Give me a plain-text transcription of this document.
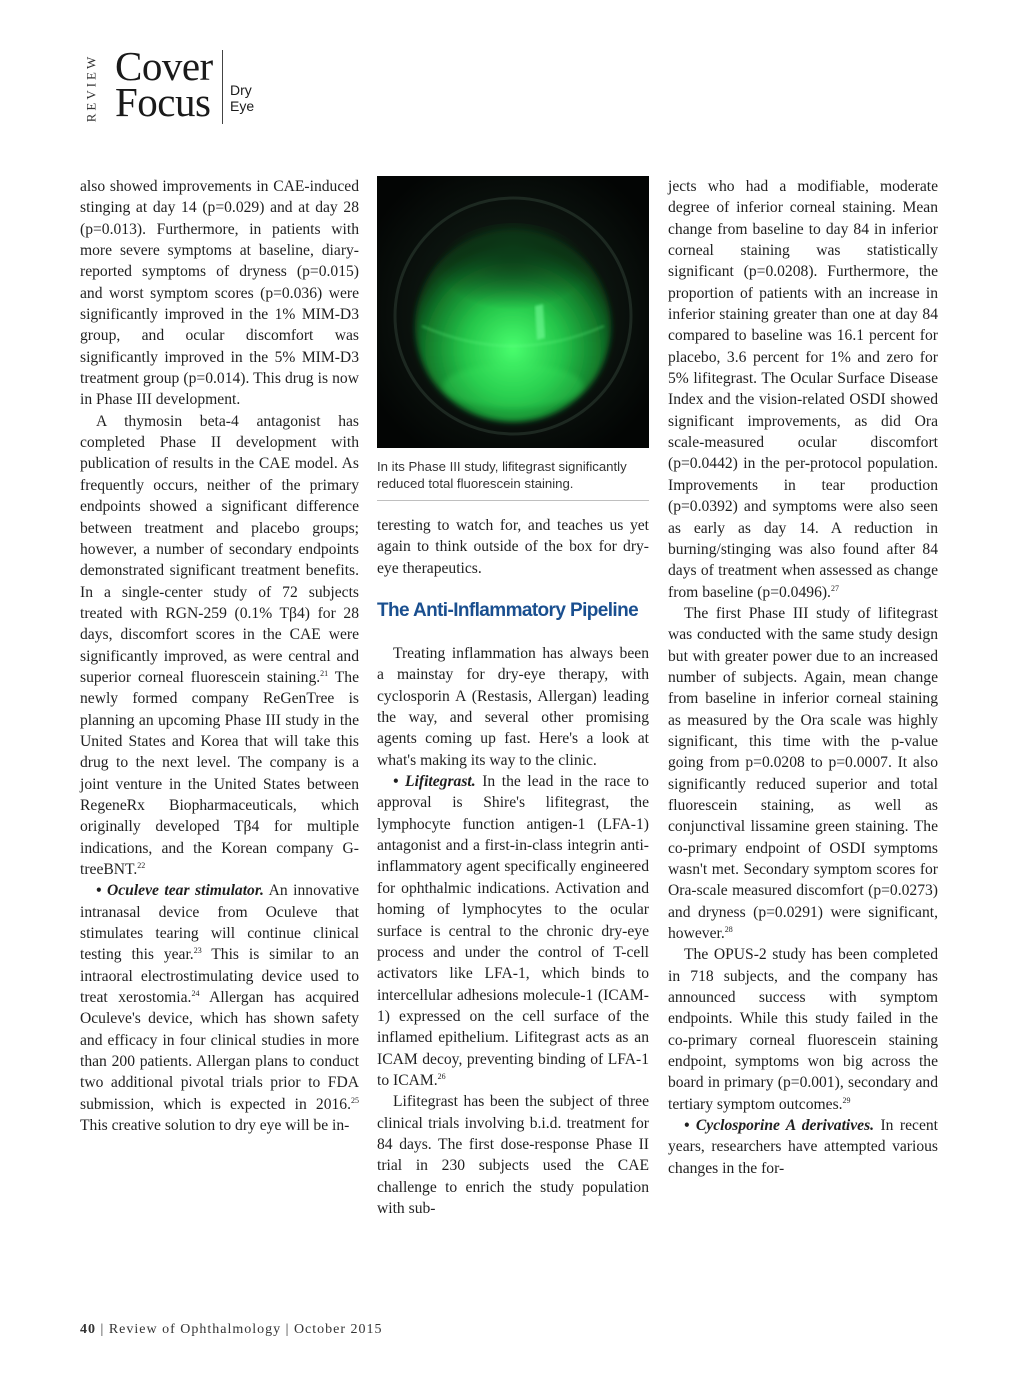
REVIEW Cover
Focus Dry Eye

also showed improvements in CAE-induced stinging at day 14 (p=0.029) and at day 28 (p=0.013). Furthermore, in patients with more severe symptoms at baseline, diary-reported symptoms of dryness (p=0.015) and worst symptom scores (p=0.036) were significantly improved in the 1% MIM-D3 group, and ocular discomfort was significantly improved in the 5% MIM-D3 treatment group (p=0.014). This drug is now in Phase III development.

A thymosin beta-4 antagonist has completed Phase II development with publication of results in the CAE model. As frequently occurs, neither of the primary endpoints showed a significant difference between treatment and placebo groups; however, a number of secondary endpoints demonstrated significant treatment benefits. In a single-center study of 72 subjects treated with RGN-259 (0.1% Tβ4) for 28 days, discomfort scores in the CAE were significantly improved, as were central and superior corneal fluorescein staining.$^{21}$ The newly formed company ReGenTree is planning an upcoming Phase III study in the United States and Korea that will take this drug to the next level. The company is a joint venture in the United States between RegeneRx Biopharmaceuticals, which originally developed Tβ4 for multiple indications, and the Korean company G-treeBNT.$^{22}$

• Oculeve tear stimulator. An innovative intranasal device from Oculeve that stimulates tearing will continue clinical testing this year.$^{23}$ This is similar to an intraoral electrostimulating device used to treat xerostomia.$^{24}$ Allergan has acquired Oculeve's device, which has shown safety and efficacy in four clinical studies in more than 200 patients. Allergan plans to conduct two additional pivotal trials prior to FDA submission, which is expected in 2016.25 This creative solution to dry eye will be in-

In its Phase III study, lifitegrast significantly reduced total fluorescein staining.

teresting to watch for, and teaches us yet again to think outside of the box for dry-eye therapeutics.

The Anti-Inflammatory Pipeline

Treating inflammation has always been a mainstay for dry-eye therapy, with cyclosporin A (Restasis, Allergan) leading the way, and several other promising agents coming up fast. Here's a look at what's making its way to the clinic.

• Lifitegrast. In the lead in the race to approval is Shire's lifitegrast, the lymphocyte function antigen-1 (LFA-1) antagonist and a first-in-class integrin anti-inflammatory agent specifically engineered for ophthalmic indications. Activation and homing of lymphocytes to the ocular surface is central to the chronic dry-eye process and under the control of T-cell activators like LFA-1, which binds to intercellular adhesions molecule-1 (ICAM-1) expressed on the cell surface of the inflamed epithelium. Lifitegrast acts as an ICAM decoy, preventing binding of LFA-1 to ICAM.$^{26}$

Lifitegrast has been the subject of three clinical trials involving b.i.d. treatment for 84 days. The first dose-response Phase II trial in 230 subjects used the CAE challenge to enrich the study population with sub-

jects who had a modifiable, moderate degree of inferior corneal staining. Mean change from baseline to day 84 in inferior corneal staining was statistically significant (p=0.0208). Furthermore, the proportion of patients with an increase in inferior staining greater than one at day 84 compared to baseline was 16.1 percent for placebo, 3.6 percent for 1% and zero for 5% lifitegrast. The Ocular Surface Disease Index and the vision-related OSDI showed significant improvements, as did Ora scale-measured ocular discomfort (p=0.0442) in the per-protocol population. Improvements in tear production (p=0.0392) and symptoms were also seen as early as day 14. A reduction in burning/stinging was also found after 84 days of treatment when assessed as change from baseline (p=0.0496).$^{27}$

The first Phase III study of lifitegrast was conducted with the same study design but with greater power due to an increased number of subjects. Again, mean change from baseline in inferior corneal staining as measured by the Ora scale was highly significant, this time with the p-value going from p=0.0208 to p=0.0007. It also significantly reduced superior and total fluorescein staining, as well as conjunctival lissamine green staining. The co-primary endpoint of OSDI symptoms wasn't met. Secondary symptom scores for Ora-scale measured discomfort (p=0.0273) and dryness (p=0.0291) were significant, however.$^{28}$

The OPUS-2 study has been completed in 718 subjects, and the company has announced success with symptom endpoints. While this study failed in the co-primary corneal fluorescein staining endpoint, symptoms won big across the board in primary (p=0.001), secondary and tertiary symptom outcomes.$^{29}$

• Cyclosporine A derivatives. In recent years, researchers have attempted various changes in the for-

40 | Review of Ophthalmology | October 2015
